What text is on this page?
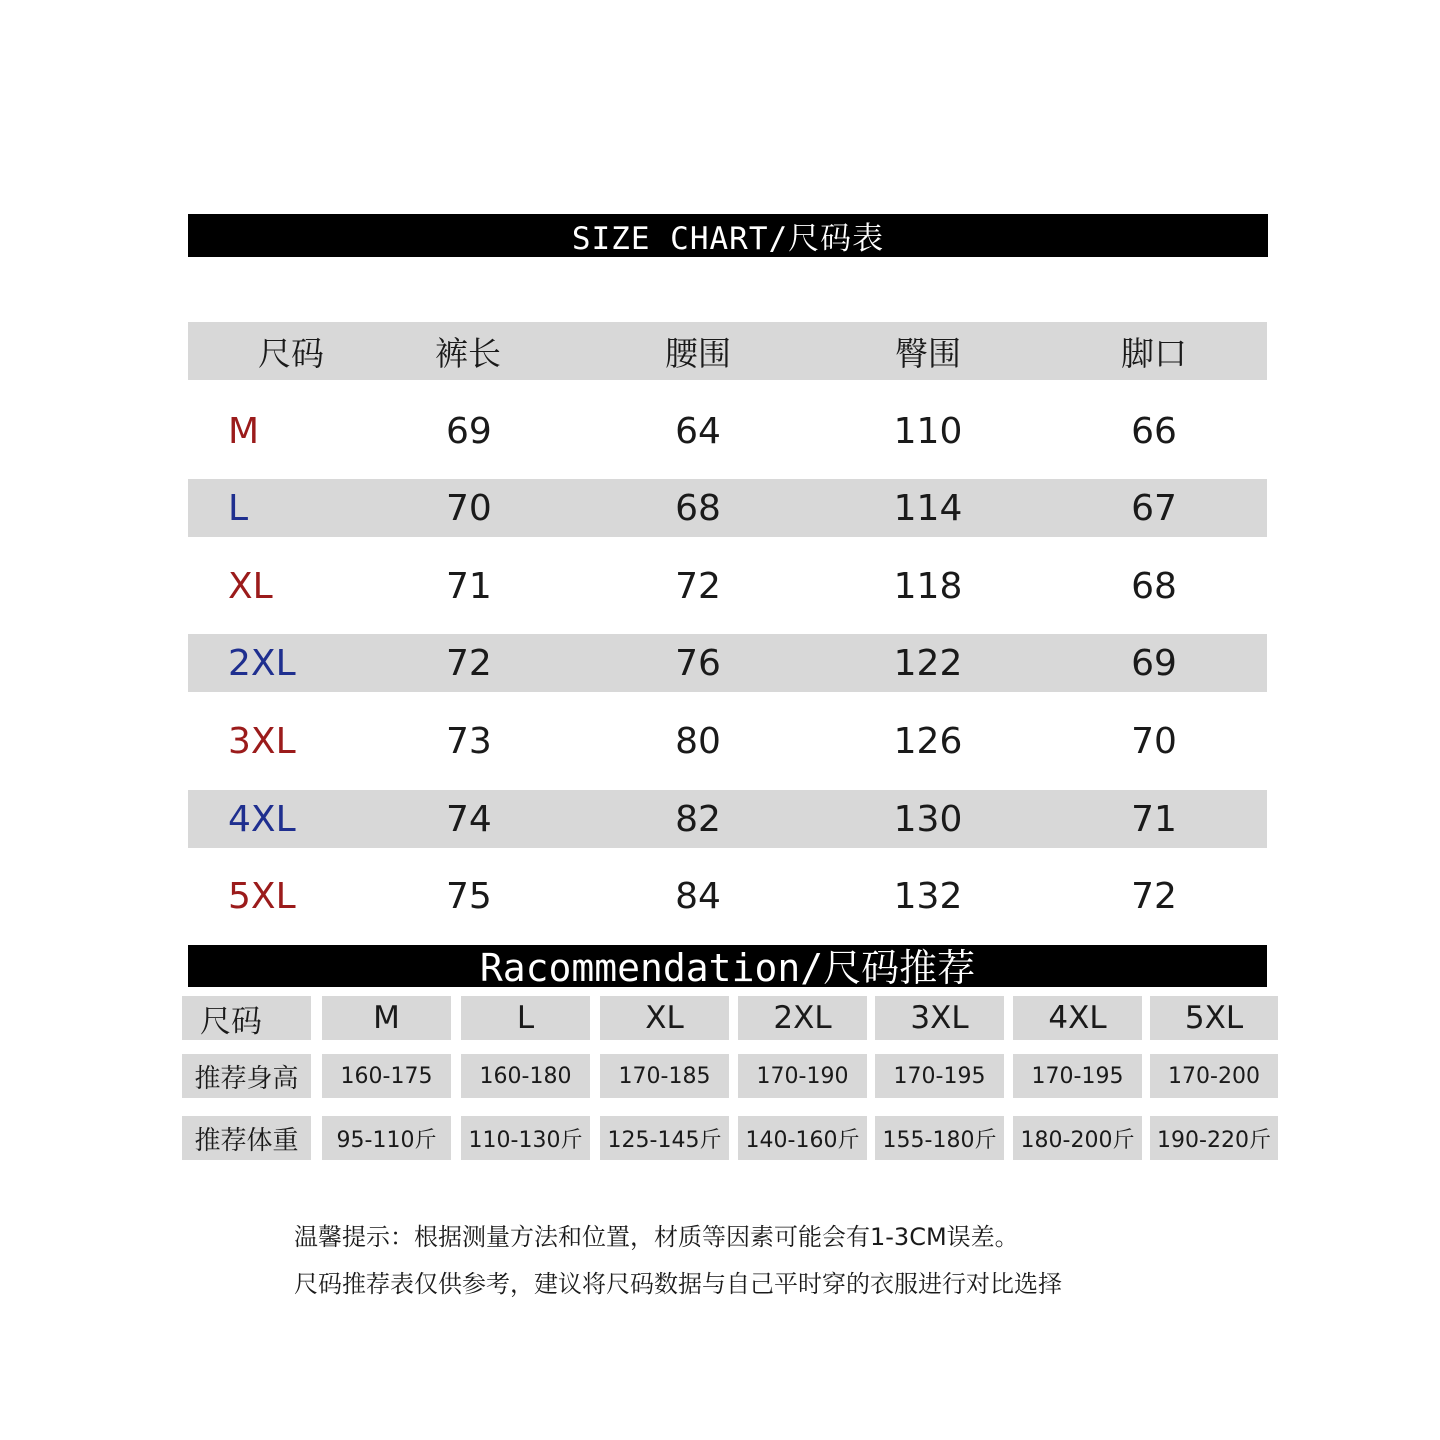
SIZE CHART/尺码表
尺码	裤长	腰围	臀围	脚口
M	69	64	110	66
L	70	68	114	67
XL	71	72	118	68
2XL	72	76	122	69
3XL	73	80	126	70
4XL	74	82	130	71
5XL	75	84	132	72
Racommendation/尺码推荐
尺码	M	L	XL	2XL	3XL	4XL	5XL
推荐身高	160-175	160-180	170-185	170-190	170-195	170-195	170-200
推荐体重	95-110斤	110-130斤	125-145斤	140-160斤	155-180斤	180-200斤	190-220斤
温馨提示：根据测量方法和位置，材质等因素可能会有1-3CM误差。
尺码推荐表仅供参考，建议将尺码数据与自己平时穿的衣服进行对比选择
